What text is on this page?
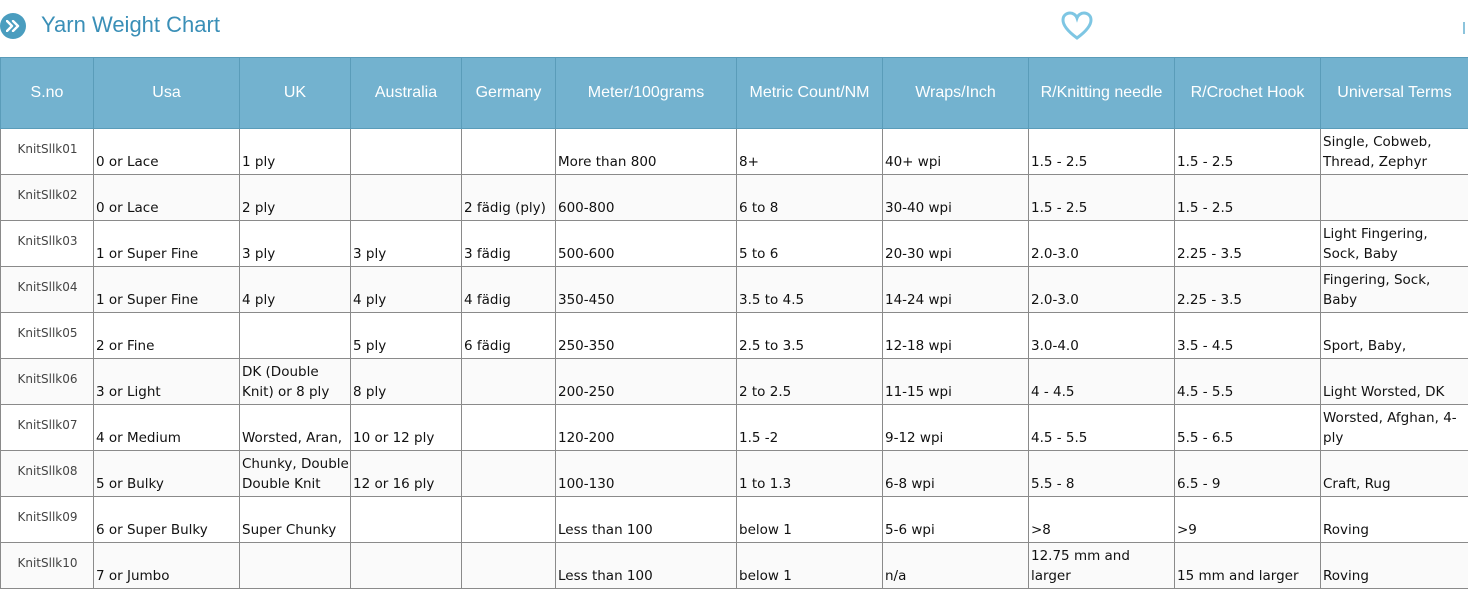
Yarn Weight Chart
S.no	Usa	UK	Australia	Germany	Meter/100grams	Metric Count/NM	Wraps/Inch	R/Knitting needle	R/Crochet Hook	Universal Terms
KnitSllk01	0 or Lace	1 ply			More than 800	8+	40+ wpi	1.5 - 2.5	1.5 - 2.5	Single, Cobweb, Thread, Zephyr
KnitSllk02	0 or Lace	2 ply		2 fädig (ply)	600-800	6 to 8	30-40 wpi	1.5 - 2.5	1.5 - 2.5	
KnitSllk03	1 or Super Fine	3 ply	3 ply	3 fädig	500-600	5 to 6	20-30 wpi	2.0-3.0	2.25 - 3.5	Light Fingering, Sock, Baby
KnitSllk04	1 or Super Fine	4 ply	4 ply	4 fädig	350-450	3.5 to 4.5	14-24 wpi	2.0-3.0	2.25 - 3.5	Fingering, Sock, Baby
KnitSllk05	2 or Fine		5 ply	6 fädig	250-350	2.5 to 3.5	12-18 wpi	3.0-4.0	3.5 - 4.5	Sport, Baby,
KnitSllk06	3 or Light	DK (Double Knit) or 8 ply	8 ply		200-250	2 to 2.5	11-15 wpi	4 - 4.5	4.5 - 5.5	Light Worsted, DK
KnitSllk07	4 or Medium	Worsted, Aran,	10 or 12 ply		120-200	1.5 -2	9-12 wpi	4.5 - 5.5	5.5 - 6.5	Worsted, Afghan, 4-ply
KnitSllk08	5 or Bulky	Chunky, Double Double Knit	12 or 16 ply		100-130	1 to 1.3	6-8 wpi	5.5 - 8	6.5 - 9	Craft, Rug
KnitSllk09	6 or Super Bulky	Super Chunky			Less than 100	below 1	5-6 wpi	>8	>9	Roving
KnitSllk10	7 or Jumbo				Less than 100	below 1	n/a	12.75 mm and larger	15 mm and larger	Roving
